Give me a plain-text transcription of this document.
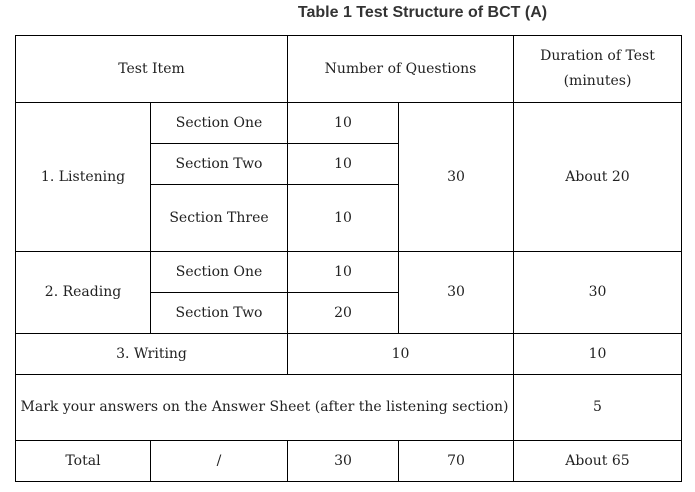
Table 1 Test Structure of BCT (A)
Test Item		Number of Questions		Duration of Test (minutes)
1. Listening	Section One	10	30	About 20
	Section Two	10		
	Section Three	10		
2. Reading	Section One	10	30	30
	Section Two	20		
3. Writing		10		10
Mark your answers on the Answer Sheet (after the listening section)				5
Total	/	30	70	About 65
